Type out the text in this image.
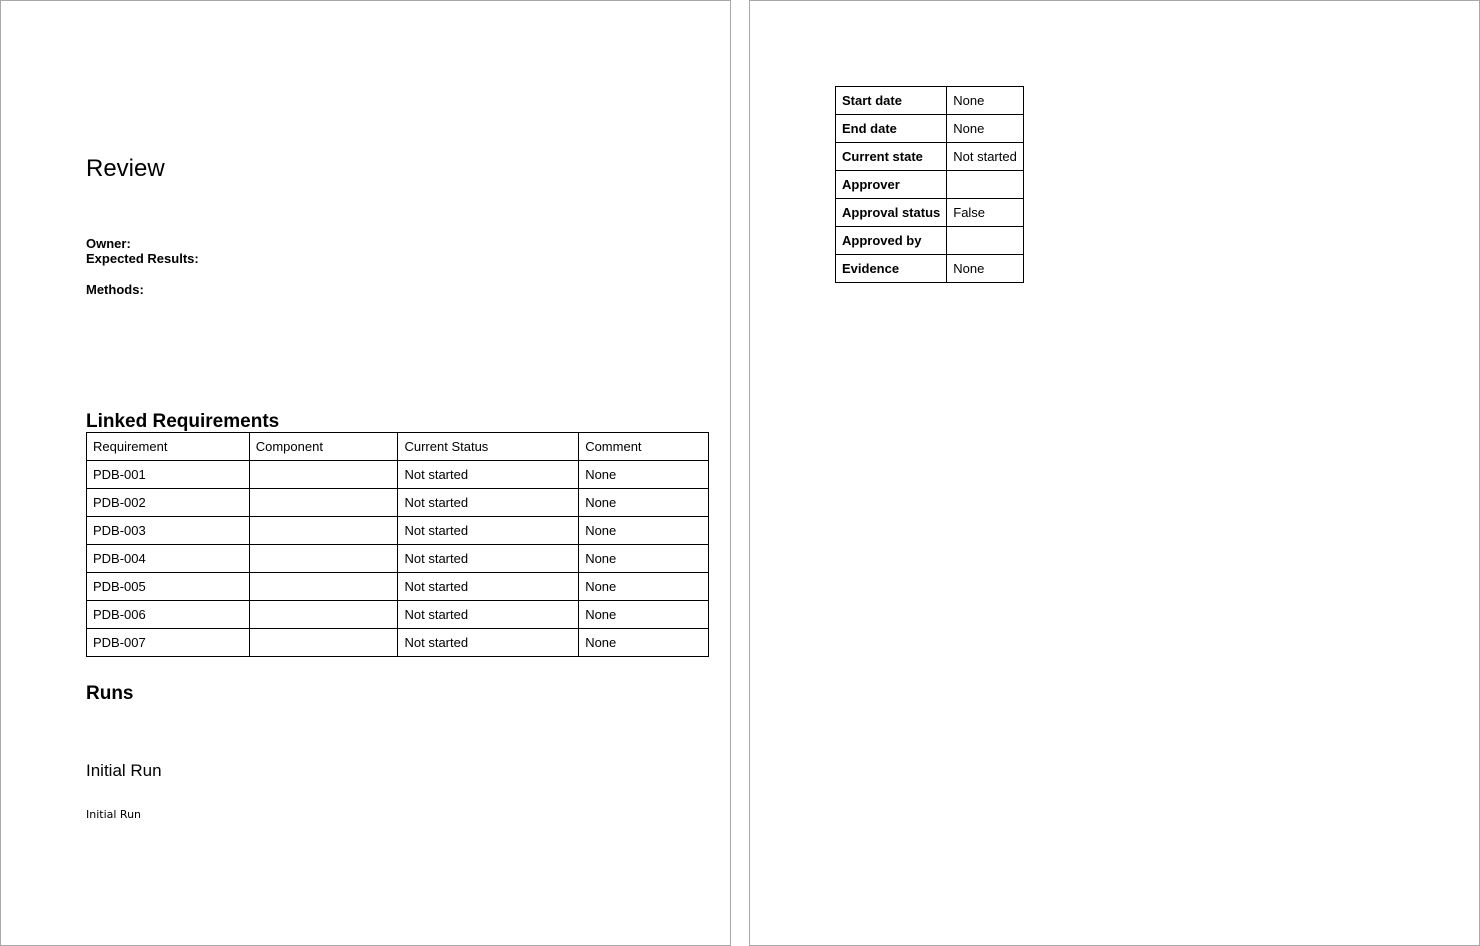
Review
Owner:
Expected Results:
Methods:
Linked Requirements
Requirement	Component	Current Status	Comment
PDB-001		Not started	None
PDB-002		Not started	None
PDB-003		Not started	None
PDB-004		Not started	None
PDB-005		Not started	None
PDB-006		Not started	None
PDB-007		Not started	None
Runs
Initial Run
Initial Run
Start date	None
End date	None
Current state	Not started
Approver	
Approval status	False
Approved by	
Evidence	None
